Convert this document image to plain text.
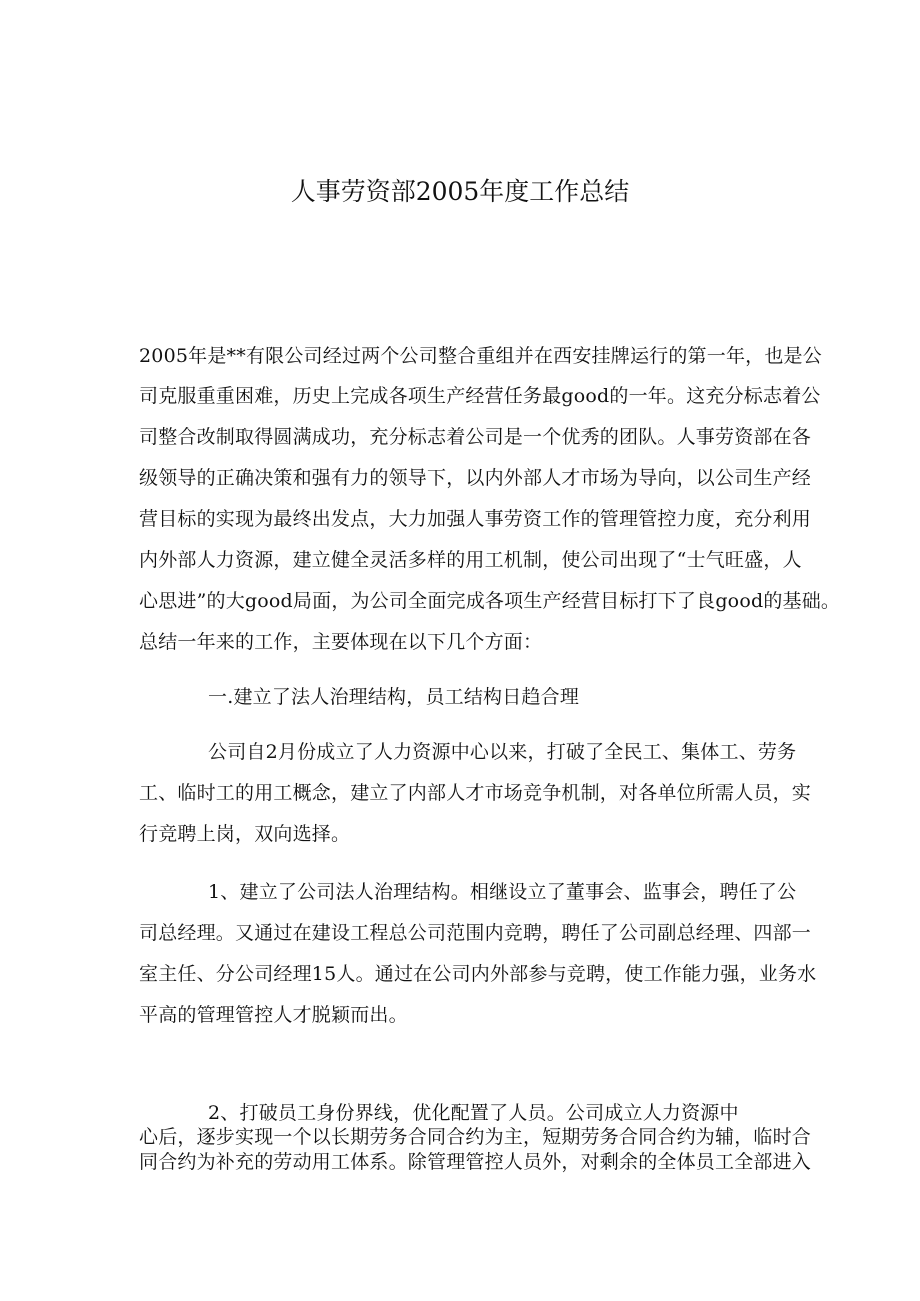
人事劳资部2005年度工作总结
2005年是**有限公司经过两个公司整合重组并在西安挂牌运行的第一年，也是公
司克服重重困难，历史上完成各项生产经营任务最good的一年。这充分标志着公
司整合改制取得圆满成功，充分标志着公司是一个优秀的团队。人事劳资部在各
级领导的正确决策和强有力的领导下，以内外部人才市场为导向，以公司生产经
营目标的实现为最终出发点，大力加强人事劳资工作的管理管控力度，充分利用
内外部人力资源，建立健全灵活多样的用工机制，使公司出现了“士气旺盛，人
心思进”的大good局面，为公司全面完成各项生产经营目标打下了良good的基础。
总结一年来的工作，主要体现在以下几个方面：
一.建立了法人治理结构，员工结构日趋合理
公司自2月份成立了人力资源中心以来，打破了全民工、集体工、劳务
工、临时工的用工概念，建立了内部人才市场竞争机制，对各单位所需人员，实
行竞聘上岗，双向选择。
1、建立了公司法人治理结构。相继设立了董事会、监事会，聘任了公
司总经理。又通过在建设工程总公司范围内竞聘，聘任了公司副总经理、四部一
室主任、分公司经理15人。通过在公司内外部参与竞聘，使工作能力强，业务水
平高的管理管控人才脱颖而出。
2、打破员工身份界线，优化配置了人员。公司成立人力资源中
心后，逐步实现一个以长期劳务合同合约为主，短期劳务合同合约为辅，临时合
同合约为补充的劳动用工体系。除管理管控人员外，对剩余的全体员工全部进入
